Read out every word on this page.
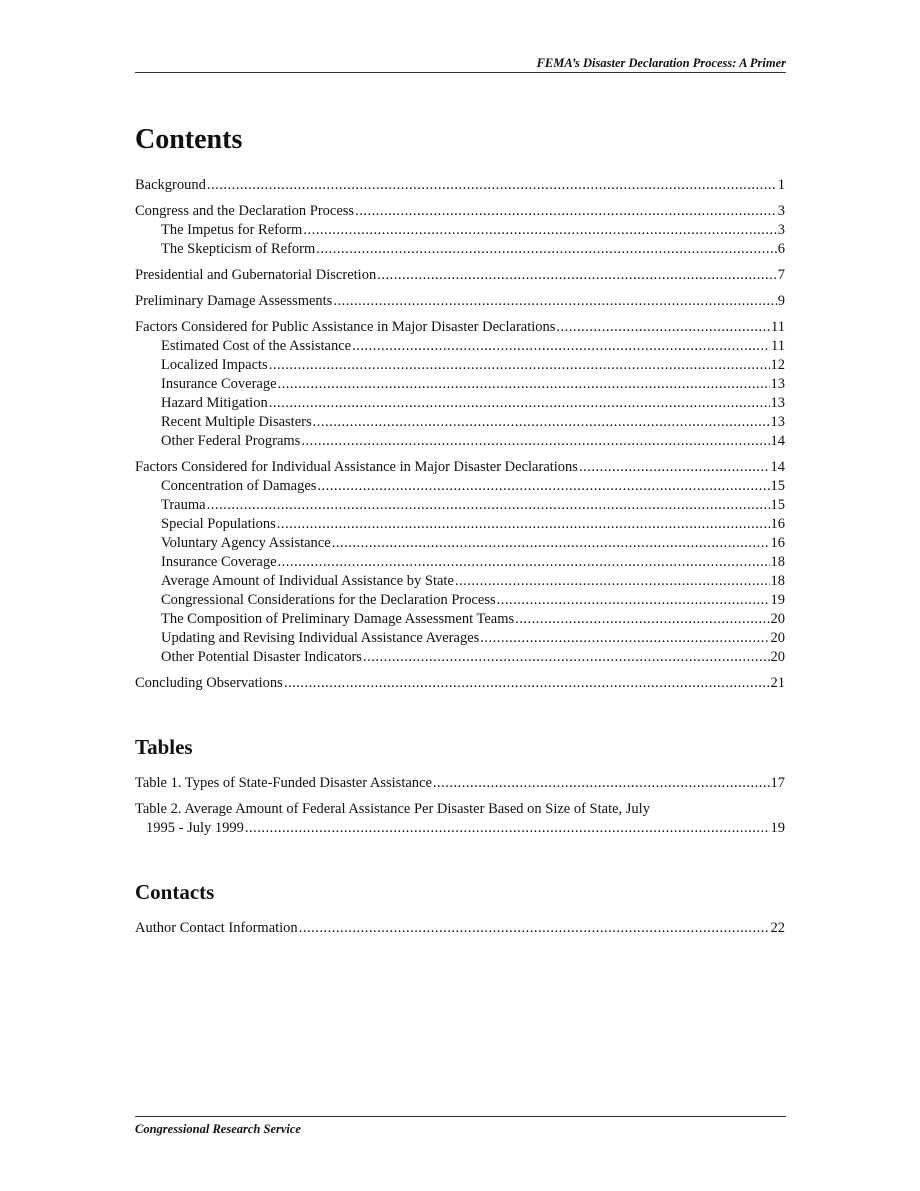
FEMA’s Disaster Declaration Process: A Primer
Contents
Background .....	1
Congress and the Declaration Process .....	3
The Impetus for Reform .....	3
The Skepticism of Reform .....	6
Presidential and Gubernatorial Discretion .....	7
Preliminary Damage Assessments .....	9
Factors Considered for Public Assistance in Major Disaster Declarations .....	11
Estimated Cost of the Assistance .....	11
Localized Impacts .....	12
Insurance Coverage .....	13
Hazard Mitigation .....	13
Recent Multiple Disasters .....	13
Other Federal Programs .....	14
Factors Considered for Individual Assistance in Major Disaster Declarations .....	14
Concentration of Damages .....	15
Trauma .....	15
Special Populations .....	16
Voluntary Agency Assistance .....	16
Insurance Coverage .....	18
Average Amount of Individual Assistance by State .....	18
Congressional Considerations for the Declaration Process .....	19
The Composition of Preliminary Damage Assessment Teams .....	20
Updating and Revising Individual Assistance Averages .....	20
Other Potential Disaster Indicators .....	20
Concluding Observations .....	21
Tables
Table 1. Types of State-Funded Disaster Assistance .....	17
Table 2. Average Amount of Federal Assistance Per Disaster Based on Size of State, July
1995 - July 1999 .....	19
Contacts
Author Contact Information .....	22
Congressional Research Service
